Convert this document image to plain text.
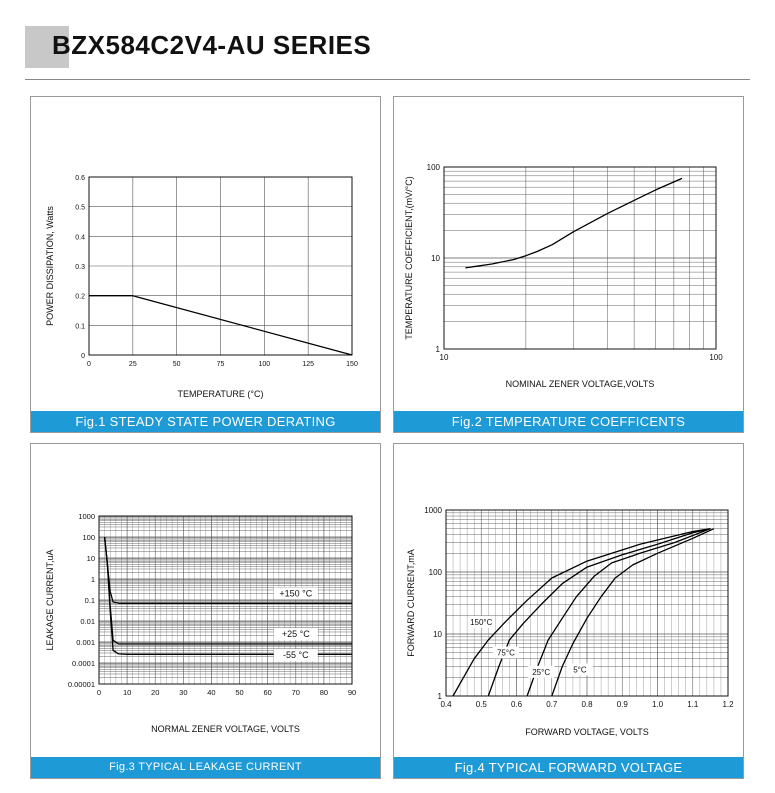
BZX584C2V4-AU SERIES
0	25	50	75	100	125	150
0
0.1
0.2
0.3
0.4
0.5
0.6
TEMPERATURE (°C)
POWER DISSIPATION, Watts
Fig.1 STEADY STATE POWER DERATING
10	100
1
10
100
NOMINAL ZENER VOLTAGE,VOLTS
TEMPERATURE COEFFICIENT,(mV/°C)
Fig.2 TEMPERATURE COEFFICENTS
0	10	20	30	40	50	60	70	80	90
0.00001
0.0001
0.001
0.01
0.1
1
10
100
1000
NORMAL ZENER VOLTAGE, VOLTS
LEAKAGE CURRENT,uA	+150 °C
+25 °C
-55 °C
Fig.3 TYPICAL LEAKAGE CURRENT
0.4	0.5	0.6	0.7	0.8	0.9	1.0	1.1	1.2
1
10
100
1000
FORWARD VOLTAGE, VOLTS
FORWARD CURRENT,mA	150°C
75°C
25°C	5°C
Fig.4 TYPICAL FORWARD VOLTAGE
